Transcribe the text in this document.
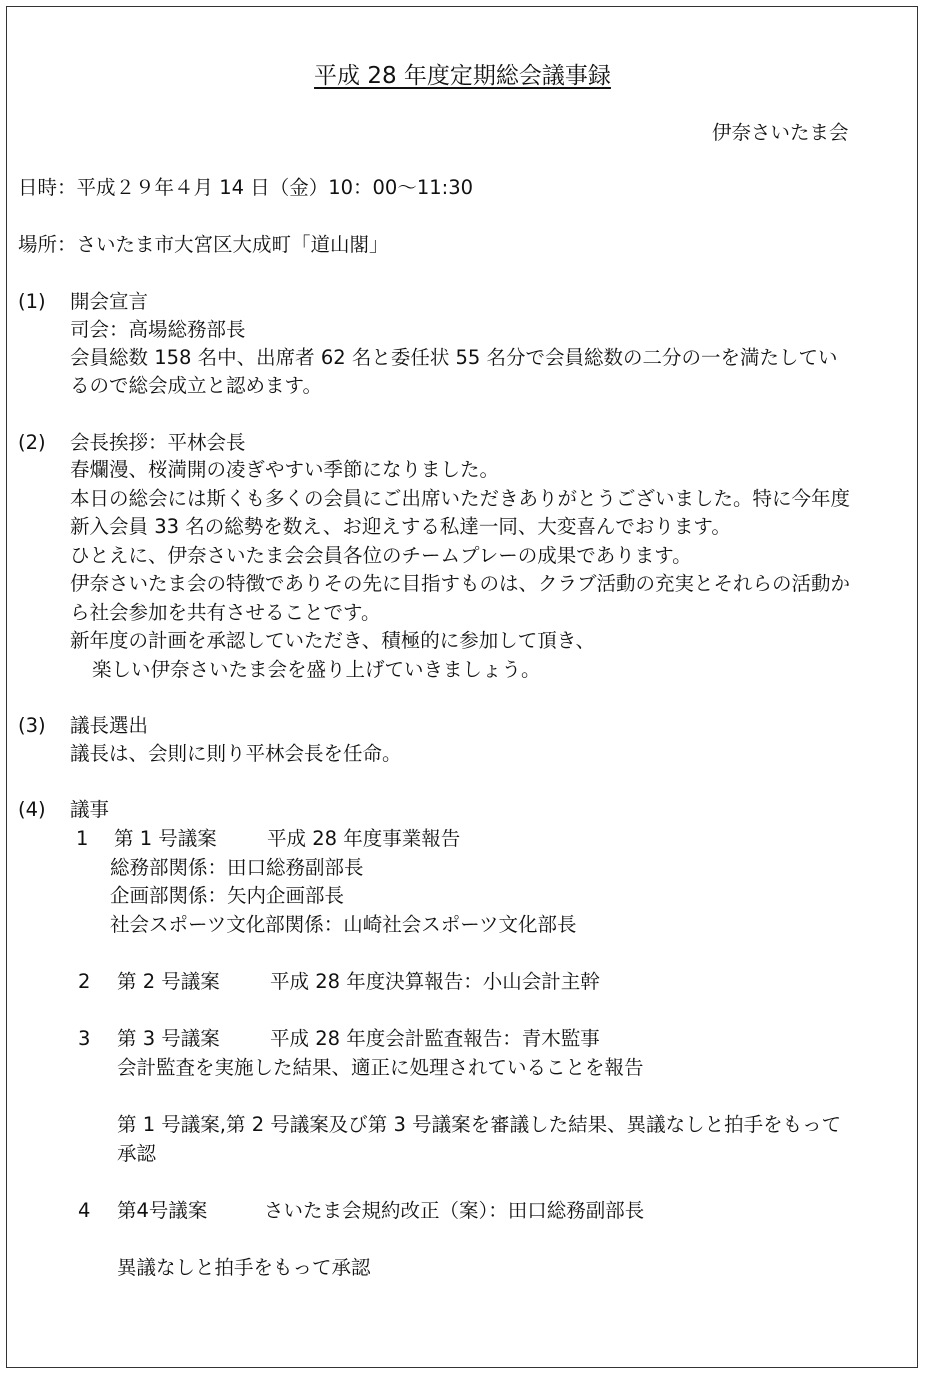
平成 28 年度定期総会議事録
伊奈さいたま会
日時：平成２９年４月 14 日（金）10：00〜11:30
場所：さいたま市大宮区大成町「道山閣」
(1) 開会宣言
司会：高場総務部長
会員総数 158 名中、出席者 62 名と委任状 55 名分で会員総数の二分の一を満たしてい
るので総会成立と認めます。
(2) 会長挨拶：平林会長
春爛漫、桜満開の凌ぎやすい季節になりました。
本日の総会には斯くも多くの会員にご出席いただきありがとうございました。特に今年度
新入会員 33 名の総勢を数え、お迎えする私達一同、大変喜んでおります。
ひとえに、伊奈さいたま会会員各位のチームプレーの成果であります。
伊奈さいたま会の特徴でありその先に目指すものは、クラブ活動の充実とそれらの活動か
ら社会参加を共有させることです。
新年度の計画を承認していただき、積極的に参加して頂き、
楽しい伊奈さいたま会を盛り上げていきましょう。
(3) 議長選出
議長は、会則に則り平林会長を任命。
(4) 議事
1 第 1 号議案	平成 28 年度事業報告
総務部関係：田口総務副部長
企画部関係：矢内企画部長
社会スポーツ文化部関係：山崎社会スポーツ文化部長
2 第 2 号議案	平成 28 年度決算報告：小山会計主幹
3 第 3 号議案	平成 28 年度会計監査報告：青木監事
会計監査を実施した結果、適正に処理されていることを報告
第 1 号議案,第 2 号議案及び第 3 号議案を審議した結果、異議なしと拍手をもって
承認
4 第4号議案	さいたま会規約改正（案）：田口総務副部長
異議なしと拍手をもって承認
